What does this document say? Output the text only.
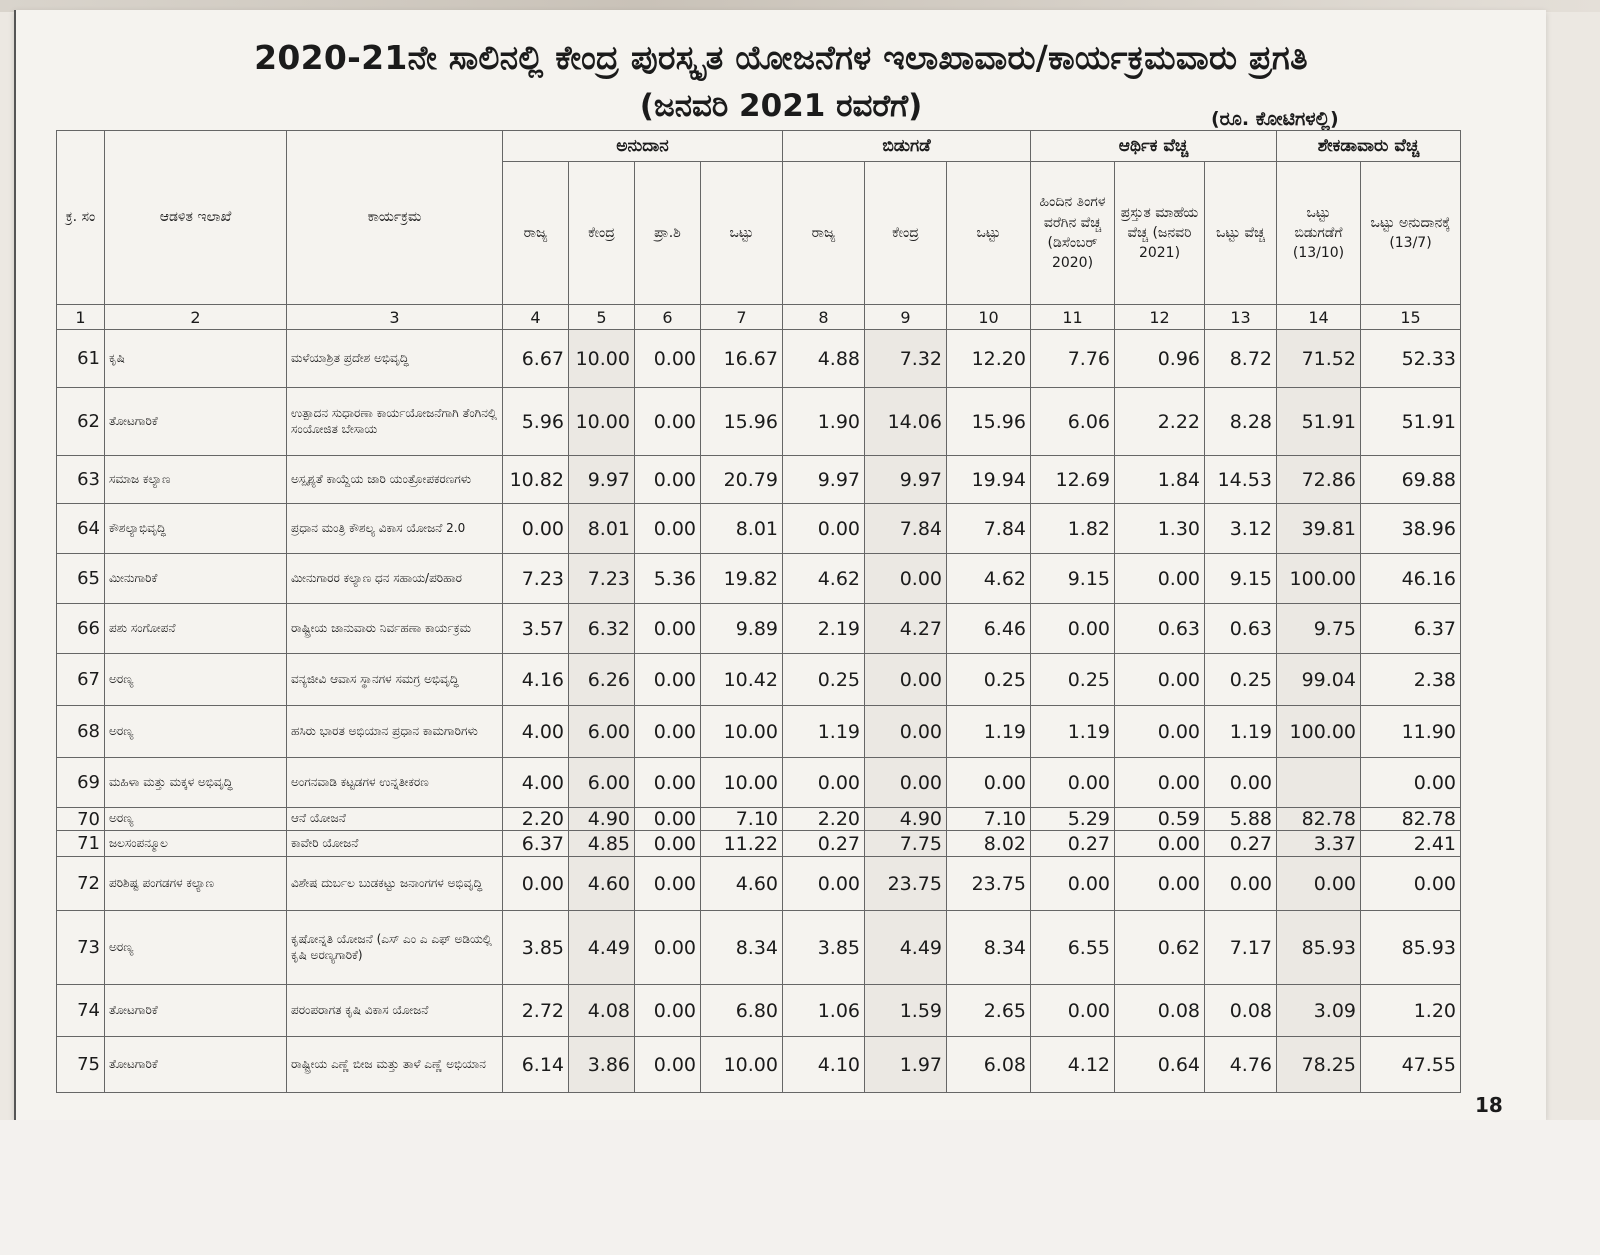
2020-21ನೇ ಸಾಲಿನಲ್ಲಿ ಕೇಂದ್ರ ಪುರಸ್ಕೃತ ಯೋಜನೆಗಳ ಇಲಾಖಾವಾರು/ಕಾರ್ಯಕ್ರಮವಾರು ಪ್ರಗತಿ
(ಜನವರಿ 2021 ರವರೆಗೆ)	(ರೂ. ಕೋಟಿಗಳಲ್ಲಿ)
ಕ್ರ. ಸಂ	ಆಡಳಿತ ಇಲಾಖೆ	ಕಾರ್ಯಕ್ರಮ	ಅನುದಾನ				ಬಿಡುಗಡೆ			ಆರ್ಥಿಕ ವೆಚ್ಚ			ಶೇಕಡಾವಾರು ವೆಚ್ಚ	
			ರಾಜ್ಯ	ಕೇಂದ್ರ	ಪ್ರಾ.ಶಿ	ಒಟ್ಟು	ರಾಜ್ಯ	ಕೇಂದ್ರ	ಒಟ್ಟು	ಹಿಂದಿನ ತಿಂಗಳ ವರೆಗಿನ ವೆಚ್ಚ (ಡಿಸೆಂಬರ್ 2020)	ಪ್ರಸ್ತುತ ಮಾಹೆಯ ವೆಚ್ಚ (ಜನವರಿ 2021)	ಒಟ್ಟು ವೆಚ್ಚ	ಒಟ್ಟು ಬಿಡುಗಡೆಗೆ (13/10)	ಒಟ್ಟು ಅನುದಾನಕ್ಕೆ (13/7)
1	2	3	4	5	6	7	8	9	10	11	12	13	14	15
61	ಕೃಷಿ	ಮಳೆಯಾಶ್ರಿತ ಪ್ರದೇಶ ಅಭಿವೃದ್ಧಿ	6.67	10.00	0.00	16.67	4.88	7.32	12.20	7.76	0.96	8.72	71.52	52.33
62	ತೋಟಗಾರಿಕೆ	ಉತ್ಪಾದನ ಸುಧಾರಣಾ ಕಾರ್ಯಯೋಜನೆಗಾಗಿ ತೆಂಗಿನಲ್ಲಿ ಸಂಯೋಜಿತ ಬೇಸಾಯ	5.96	10.00	0.00	15.96	1.90	14.06	15.96	6.06	2.22	8.28	51.91	51.91
63	ಸಮಾಜ ಕಲ್ಯಾಣ	ಅಸ್ಪೃಶ್ಯತೆ ಕಾಯ್ದೆಯ ಜಾರಿ ಯಂತ್ರೋಪಕರಣಗಳು	10.82	9.97	0.00	20.79	9.97	9.97	19.94	12.69	1.84	14.53	72.86	69.88
64	ಕೌಶಲ್ಯಾಭಿವೃದ್ಧಿ	ಪ್ರಧಾನ ಮಂತ್ರಿ ಕೌಶಲ್ಯ ವಿಕಾಸ ಯೋಜನೆ 2.0	0.00	8.01	0.00	8.01	0.00	7.84	7.84	1.82	1.30	3.12	39.81	38.96
65	ಮೀನುಗಾರಿಕೆ	ಮೀನುಗಾರರ ಕಲ್ಯಾಣ ಧನ ಸಹಾಯ/ಪರಿಹಾರ	7.23	7.23	5.36	19.82	4.62	0.00	4.62	9.15	0.00	9.15	100.00	46.16
66	ಪಶು ಸಂಗೋಪನೆ	ರಾಷ್ಟ್ರೀಯ ಜಾನುವಾರು ನಿರ್ವಹಣಾ ಕಾರ್ಯಕ್ರಮ	3.57	6.32	0.00	9.89	2.19	4.27	6.46	0.00	0.63	0.63	9.75	6.37
67	ಅರಣ್ಯ	ವನ್ಯಜೀವಿ ಆವಾಸ ಸ್ಥಾನಗಳ ಸಮಗ್ರ ಅಭಿವೃದ್ಧಿ	4.16	6.26	0.00	10.42	0.25	0.00	0.25	0.25	0.00	0.25	99.04	2.38
68	ಅರಣ್ಯ	ಹಸಿರು ಭಾರತ ಅಭಿಯಾನ ಪ್ರಧಾನ ಕಾಮಗಾರಿಗಳು	4.00	6.00	0.00	10.00	1.19	0.00	1.19	1.19	0.00	1.19	100.00	11.90
69	ಮಹಿಳಾ ಮತ್ತು ಮಕ್ಕಳ ಅಭಿವೃದ್ಧಿ	ಅಂಗನವಾಡಿ ಕಟ್ಟಡಗಳ ಉನ್ನತೀಕರಣ	4.00	6.00	0.00	10.00	0.00	0.00	0.00	0.00	0.00	0.00		0.00
70	ಅರಣ್ಯ	ಆನೆ ಯೋಜನೆ	2.20	4.90	0.00	7.10	2.20	4.90	7.10	5.29	0.59	5.88	82.78	82.78
71	ಜಲಸಂಪನ್ಮೂಲ	ಕಾವೇರಿ ಯೋಜನೆ	6.37	4.85	0.00	11.22	0.27	7.75	8.02	0.27	0.00	0.27	3.37	2.41
72	ಪರಿಶಿಷ್ಟ ಪಂಗಡಗಳ ಕಲ್ಯಾಣ	ವಿಶೇಷ ದುರ್ಬಲ ಬುಡಕಟ್ಟು ಜನಾಂಗಗಳ ಅಭಿವೃದ್ಧಿ	0.00	4.60	0.00	4.60	0.00	23.75	23.75	0.00	0.00	0.00	0.00	0.00
73	ಅರಣ್ಯ	ಕೃಷೋನ್ನತಿ ಯೋಜನೆ (ಎಸ್ ಎಂ ಎ ಎಫ್ ಅಡಿಯಲ್ಲಿ ಕೃಷಿ ಅರಣ್ಯಗಾರಿಕೆ)	3.85	4.49	0.00	8.34	3.85	4.49	8.34	6.55	0.62	7.17	85.93	85.93
74	ತೋಟಗಾರಿಕೆ	ಪರಂಪರಾಗತ ಕೃಷಿ ವಿಕಾಸ ಯೋಜನೆ	2.72	4.08	0.00	6.80	1.06	1.59	2.65	0.00	0.08	0.08	3.09	1.20
75	ತೋಟಗಾರಿಕೆ	ರಾಷ್ಟ್ರೀಯ ಎಣ್ಣೆ ಬೀಜ ಮತ್ತು ತಾಳೆ ಎಣ್ಣೆ ಅಭಿಯಾನ	6.14	3.86	0.00	10.00	4.10	1.97	6.08	4.12	0.64	4.76	78.25	47.55
18
